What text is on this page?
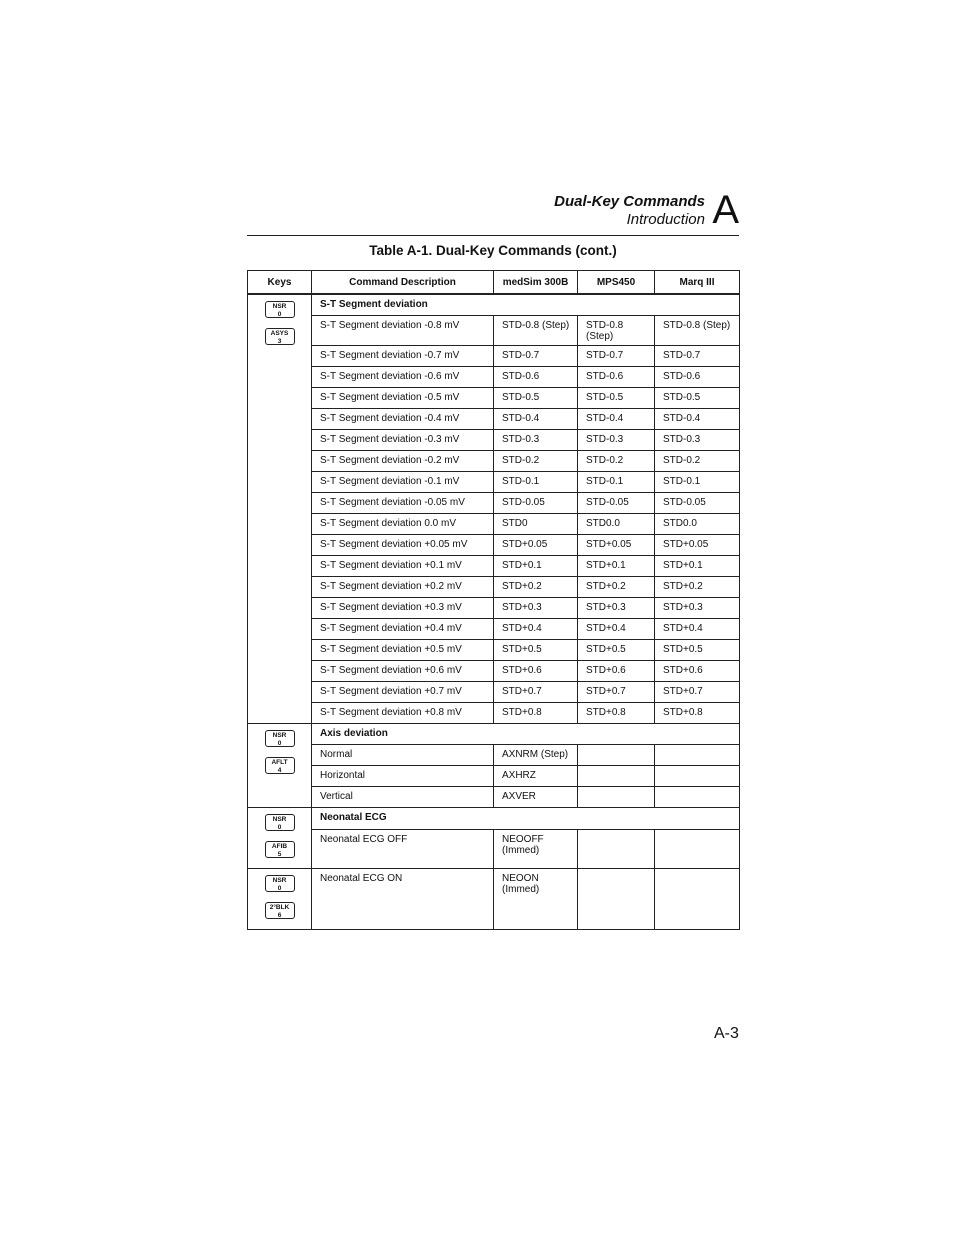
Dual-Key Commands
Introduction A
Table A-1. Dual-Key Commands (cont.)
Keys	Command Description	medSim 300B	MPS450	Marq III

NSR
0
ASYS
3	S-T Segment deviation			
	S-T Segment deviation -0.8 mV	STD-0.8 (Step)	STD-0.8 (Step)	STD-0.8 (Step)
	S-T Segment deviation -0.7 mV	STD-0.7	STD-0.7	STD-0.7
	S-T Segment deviation -0.6 mV	STD-0.6	STD-0.6	STD-0.6
	S-T Segment deviation -0.5 mV	STD-0.5	STD-0.5	STD-0.5
	S-T Segment deviation -0.4 mV	STD-0.4	STD-0.4	STD-0.4
	S-T Segment deviation -0.3 mV	STD-0.3	STD-0.3	STD-0.3
	S-T Segment deviation -0.2 mV	STD-0.2	STD-0.2	STD-0.2
	S-T Segment deviation -0.1 mV	STD-0.1	STD-0.1	STD-0.1
	S-T Segment deviation -0.05 mV	STD-0.05	STD-0.05	STD-0.05
	S-T Segment deviation 0.0 mV	STD0	STD0.0	STD0.0
	S-T Segment deviation +0.05 mV	STD+0.05	STD+0.05	STD+0.05
	S-T Segment deviation +0.1 mV	STD+0.1	STD+0.1	STD+0.1
	S-T Segment deviation +0.2 mV	STD+0.2	STD+0.2	STD+0.2
	S-T Segment deviation +0.3 mV	STD+0.3	STD+0.3	STD+0.3
	S-T Segment deviation +0.4 mV	STD+0.4	STD+0.4	STD+0.4
	S-T Segment deviation +0.5 mV	STD+0.5	STD+0.5	STD+0.5
	S-T Segment deviation +0.6 mV	STD+0.6	STD+0.6	STD+0.6
	S-T Segment deviation +0.7 mV	STD+0.7	STD+0.7	STD+0.7
	S-T Segment deviation +0.8 mV	STD+0.8	STD+0.8	STD+0.8

NSR
0
AFLT
4	Axis deviation			
	Normal	AXNRM (Step)		
	Horizontal	AXHRZ		
	Vertical	AXVER		

NSR
0
AFIB
5	Neonatal ECG			
	Neonatal ECG OFF	NEOOFF (Immed)		

NSR
0
2°BLK
6	Neonatal ECG ON	NEOON (Immed)		
A-3
